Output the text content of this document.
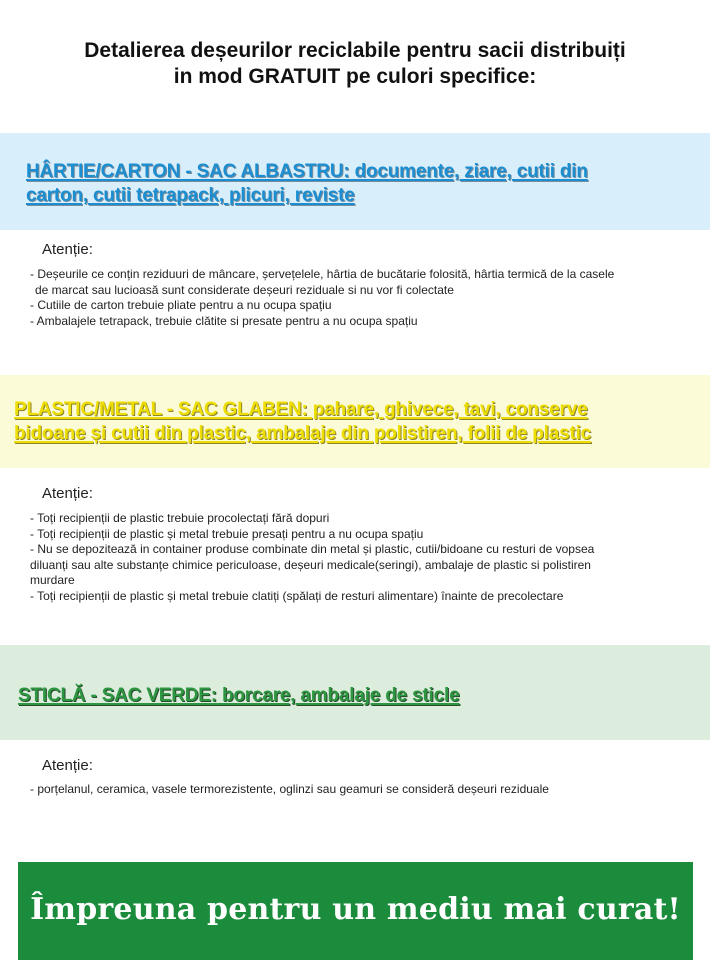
Detalierea deșeurilor reciclabile pentru sacii distribuiți
in mod GRATUIT pe culori specifice:
HÂRTIE/CARTON - SAC ALBASTRU: documente, ziare, cutii din
carton, cutii tetrapack, plicuri, reviste
Atenție:
- Deșeurile ce conțin reziduuri de mâncare, șervețelele, hârtia de bucătarie folosită, hârtia termică de la casele
de marcat sau lucioasă sunt considerate deșeuri reziduale si nu vor fi colectate
- Cutiile de carton trebuie pliate pentru a nu ocupa spațiu
- Ambalajele tetrapack, trebuie clătite si presate pentru a nu ocupa spațiu
PLASTIC/METAL - SAC GLABEN: pahare, ghivece, tavi, conserve
bidoane și cutii din plastic, ambalaje din polistiren, folii de plastic
Atenție:
- Toți recipienții de plastic trebuie procolectați fără dopuri
- Toți recipienții de plastic și metal trebuie presați pentru a nu ocupa spațiu
- Nu se depozitează in container produse combinate din metal și plastic, cutii/bidoane cu resturi de vopsea
diluanți sau alte substanțe chimice periculoase, deșeuri medicale(seringi), ambalaje de plastic si polistiren
murdare
- Toți recipienții de plastic și metal trebuie clatiți (spălați de resturi alimentare) înainte de precolectare
STICLĂ - SAC VERDE: borcare, ambalaje de sticle
Atenție:
- porțelanul, ceramica, vasele termorezistente, oglinzi sau geamuri se consideră deșeuri reziduale
Împreuna pentru un mediu mai curat!
